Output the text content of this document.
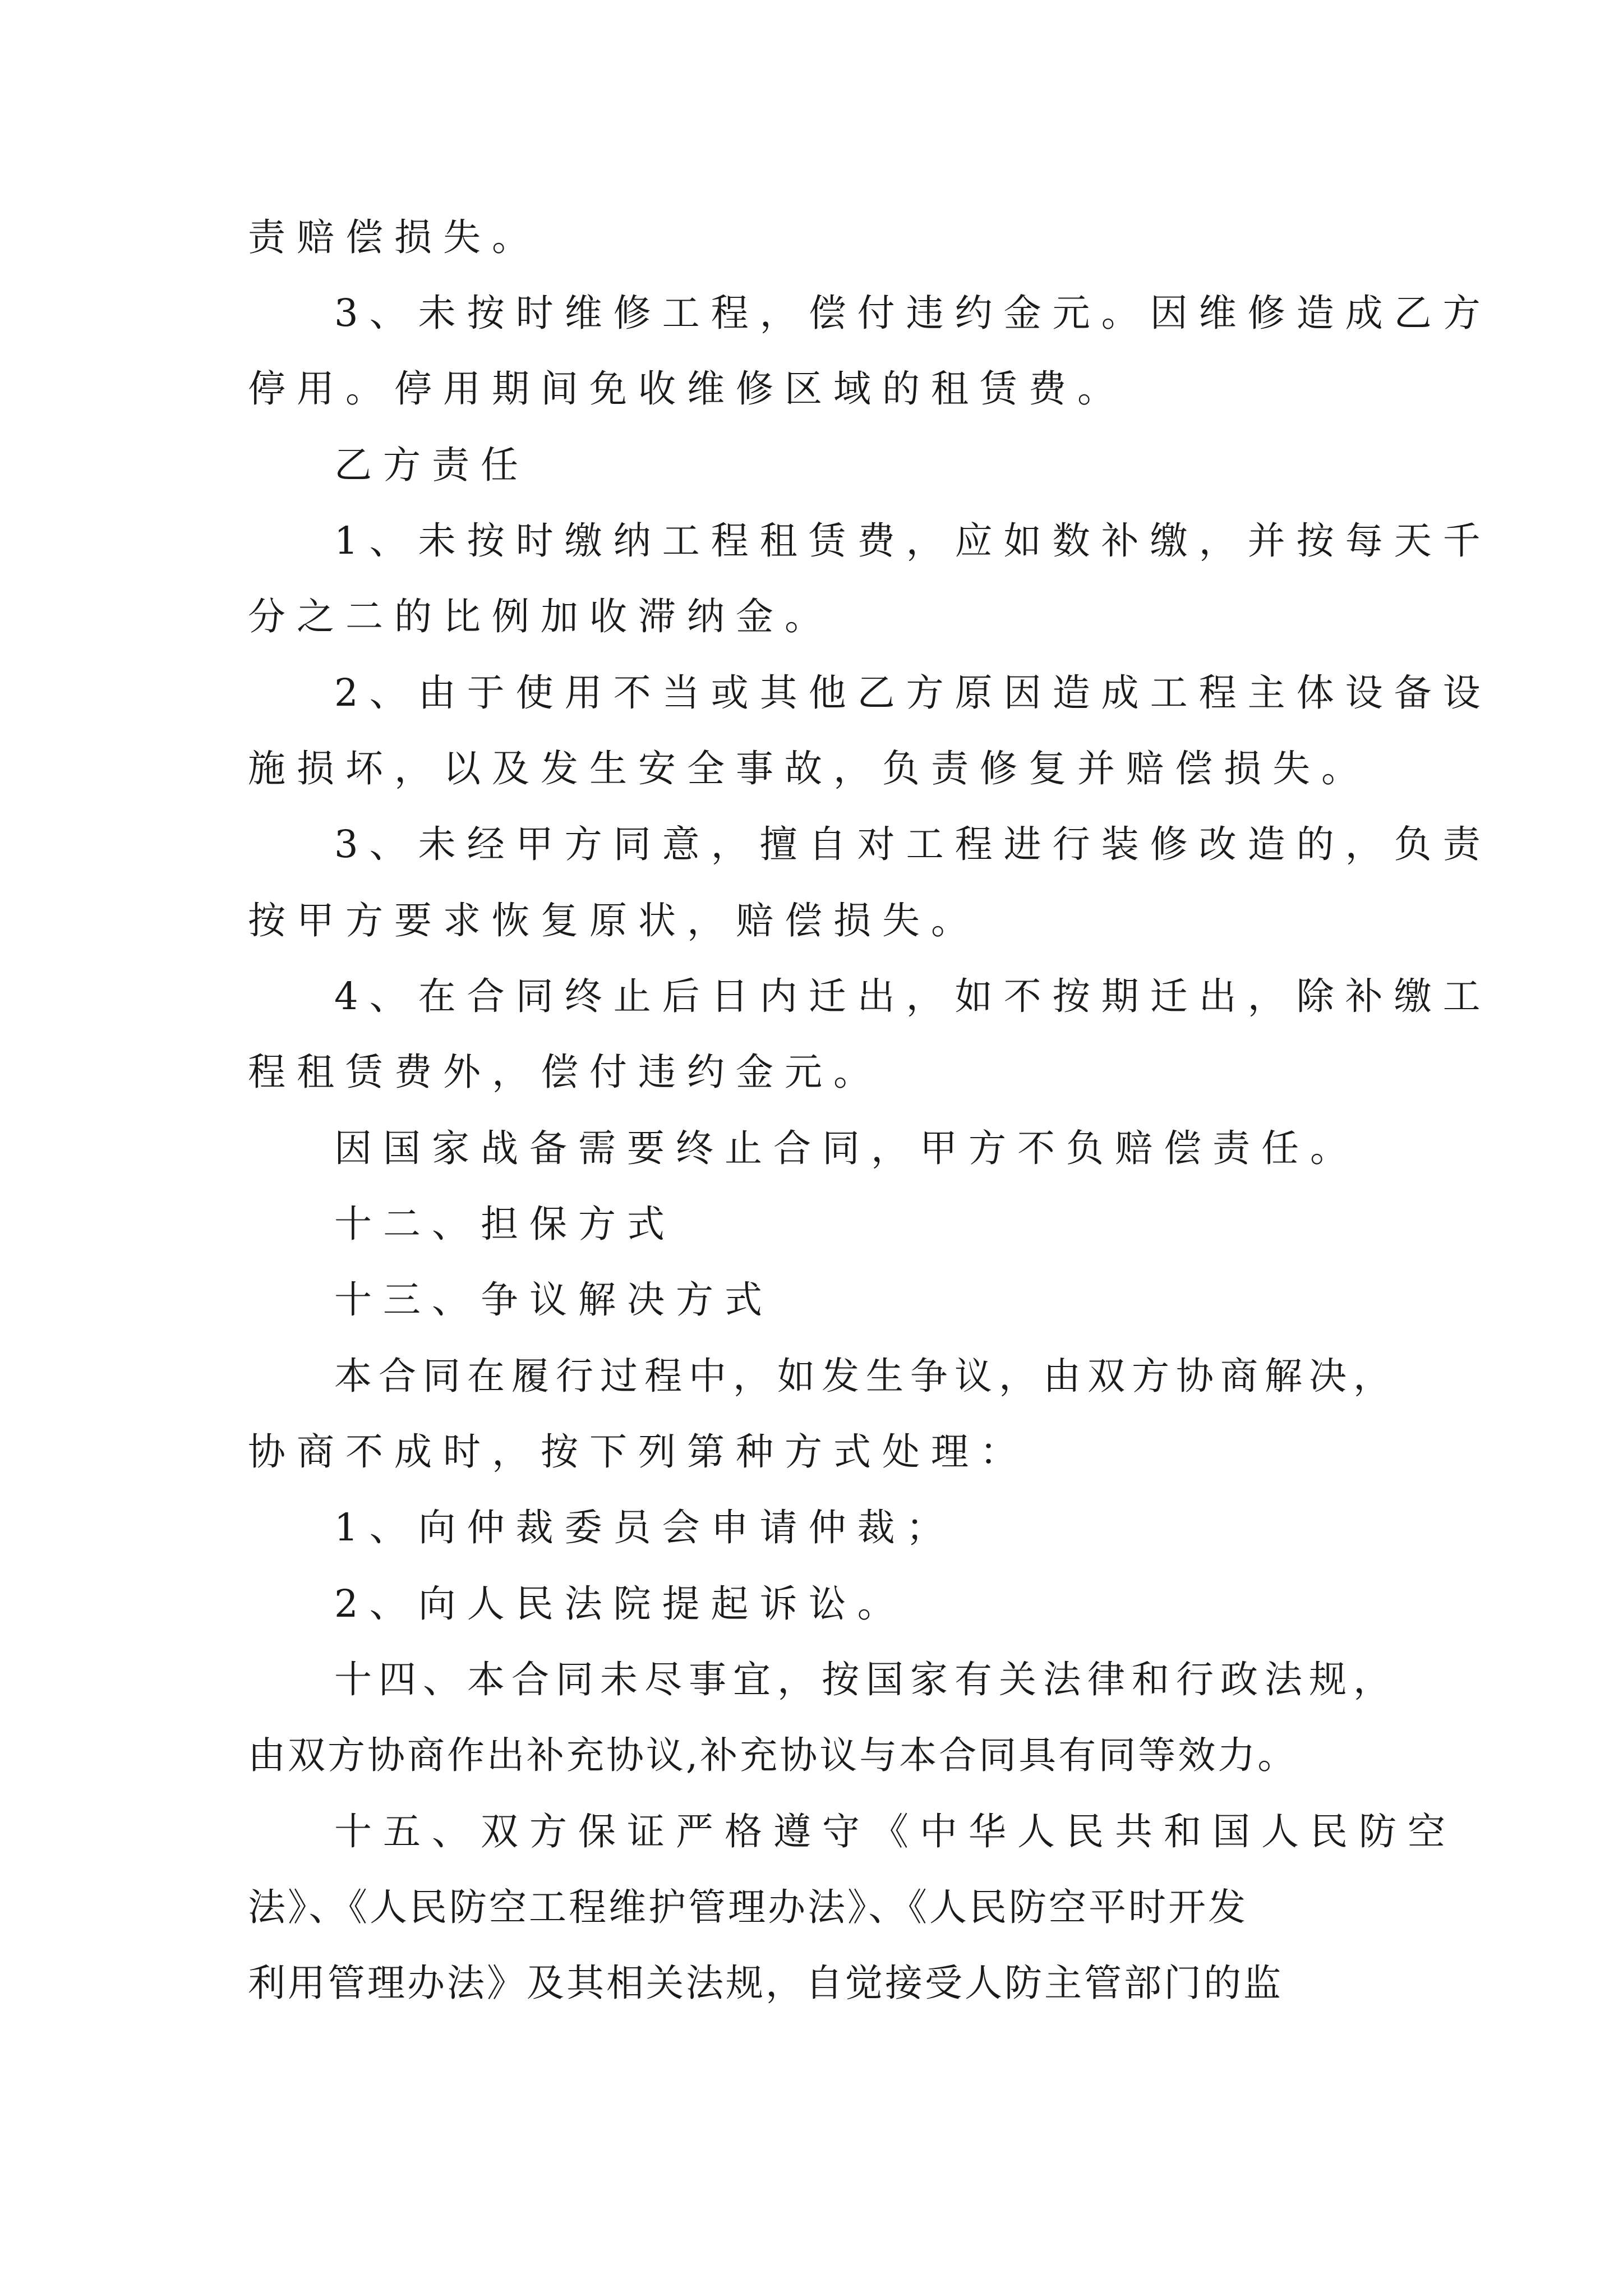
责赔偿损失。

3、未按时维修工程，偿付违约金元。因维修造成乙方

停用。停用期间免收维修区域的租赁费。

乙方责任

1、未按时缴纳工程租赁费，应如数补缴，并按每天千

分之二的比例加收滞纳金。

2、由于使用不当或其他乙方原因造成工程主体设备设

施损坏，以及发生安全事故，负责修复并赔偿损失。

3、未经甲方同意，擅自对工程进行装修改造的，负责

按甲方要求恢复原状，赔偿损失。

4、在合同终止后日内迁出，如不按期迁出，除补缴工

程租赁费外，偿付违约金元。

因国家战备需要终止合同，甲方不负赔偿责任。

十二、担保方式

十三、争议解决方式

本合同在履行过程中，如发生争议，由双方协商解决，

协商不成时，按下列第种方式处理：

1、向仲裁委员会申请仲裁；

2、向人民法院提起诉讼。

十四、本合同未尽事宜，按国家有关法律和行政法规，

由双方协商作出补充协议,补充协议与本合同具有同等效力。

十五、双方保证严格遵守《中华人民共和国人民防空

法》、《人民防空工程维护管理办法》、《人民防空平时开发

利用管理办法》及其相关法规，自觉接受人防主管部门的监
